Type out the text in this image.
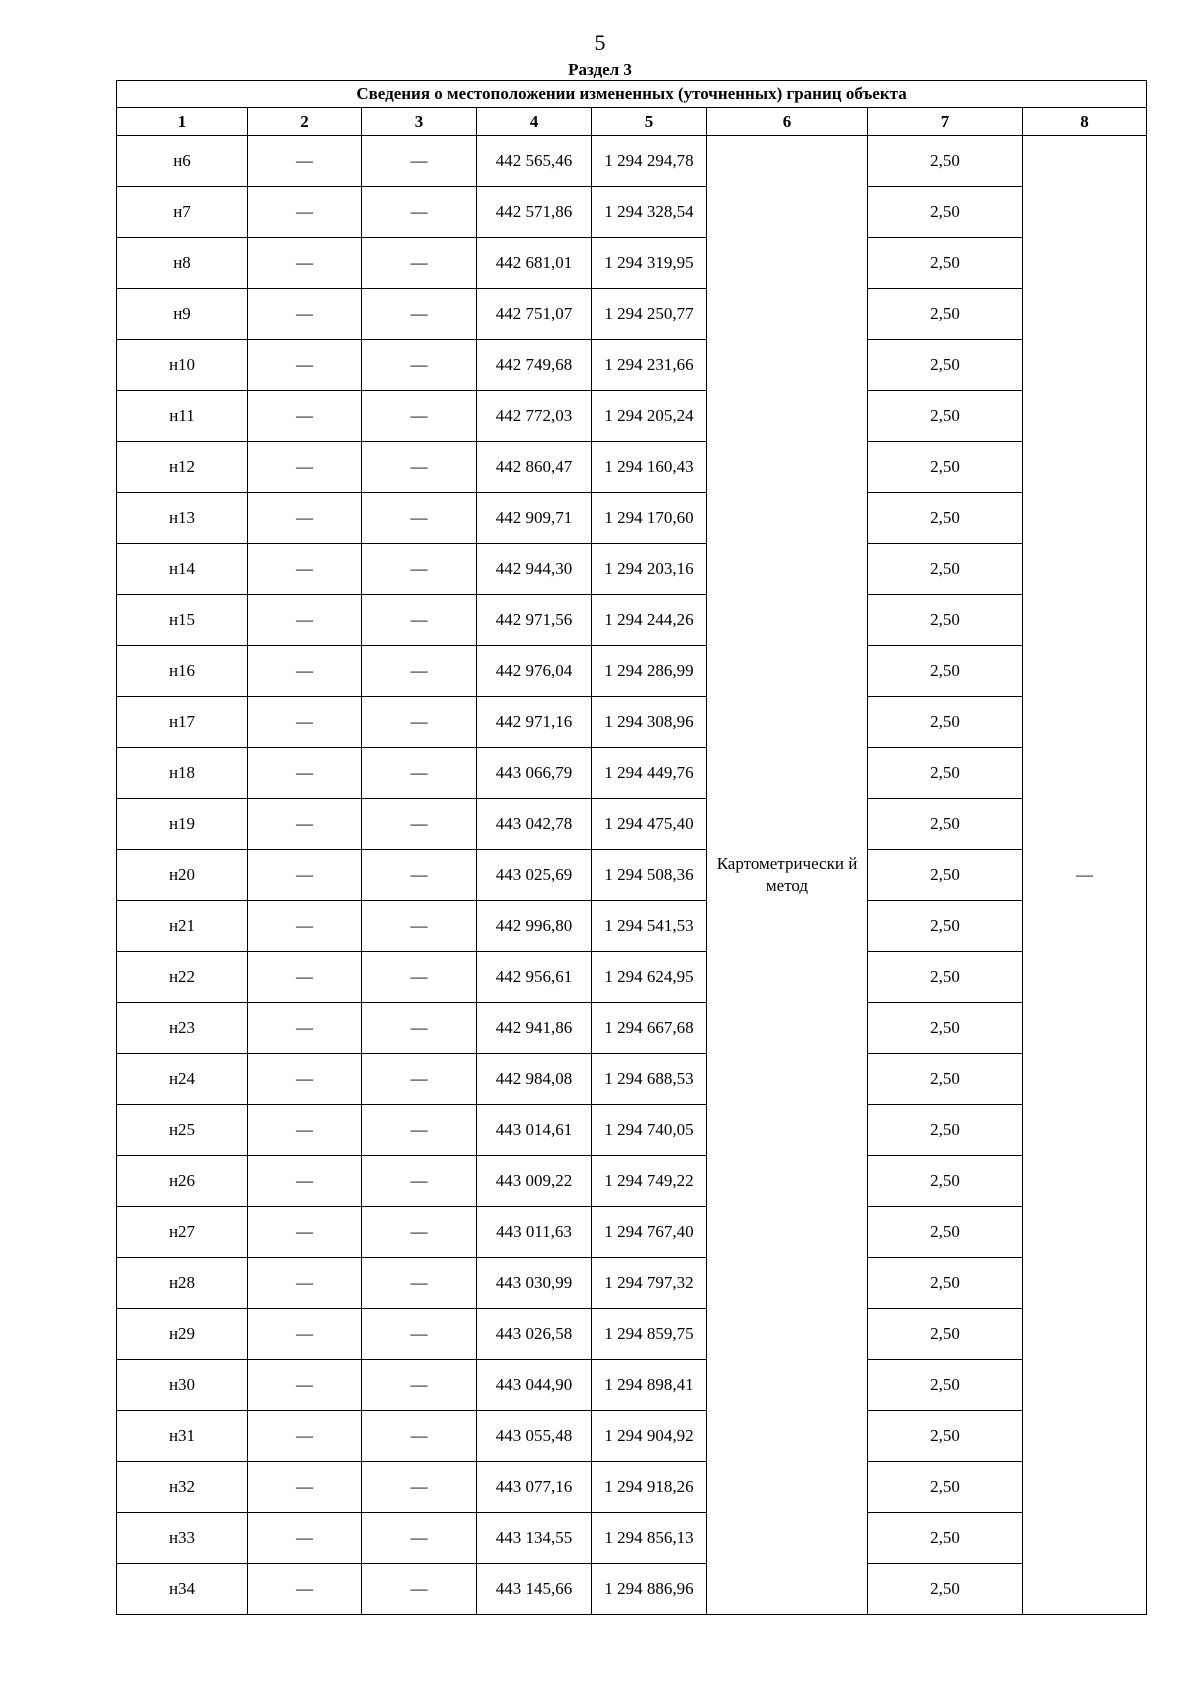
5
Раздел 3
Сведения о местоположении измененных (уточненных) границ объекта							
1	2	3	4	5	6	7	8
н6	—	—	442 565,46	1 294 294,78	Картометрически й метод	2,50	—
н7	—	—	442 571,86	1 294 328,54		2,50	
н8	—	—	442 681,01	1 294 319,95		2,50	
н9	—	—	442 751,07	1 294 250,77		2,50	
н10	—	—	442 749,68	1 294 231,66		2,50	
н11	—	—	442 772,03	1 294 205,24		2,50	
н12	—	—	442 860,47	1 294 160,43		2,50	
н13	—	—	442 909,71	1 294 170,60		2,50	
н14	—	—	442 944,30	1 294 203,16		2,50	
н15	—	—	442 971,56	1 294 244,26		2,50	
н16	—	—	442 976,04	1 294 286,99		2,50	
н17	—	—	442 971,16	1 294 308,96		2,50	
н18	—	—	443 066,79	1 294 449,76		2,50	
н19	—	—	443 042,78	1 294 475,40		2,50	
н20	—	—	443 025,69	1 294 508,36		2,50	
н21	—	—	442 996,80	1 294 541,53		2,50	
н22	—	—	442 956,61	1 294 624,95		2,50	
н23	—	—	442 941,86	1 294 667,68		2,50	
н24	—	—	442 984,08	1 294 688,53		2,50	
н25	—	—	443 014,61	1 294 740,05		2,50	
н26	—	—	443 009,22	1 294 749,22		2,50	
н27	—	—	443 011,63	1 294 767,40		2,50	
н28	—	—	443 030,99	1 294 797,32		2,50	
н29	—	—	443 026,58	1 294 859,75		2,50	
н30	—	—	443 044,90	1 294 898,41		2,50	
н31	—	—	443 055,48	1 294 904,92		2,50	
н32	—	—	443 077,16	1 294 918,26		2,50	
н33	—	—	443 134,55	1 294 856,13		2,50	
н34	—	—	443 145,66	1 294 886,96		2,50	
